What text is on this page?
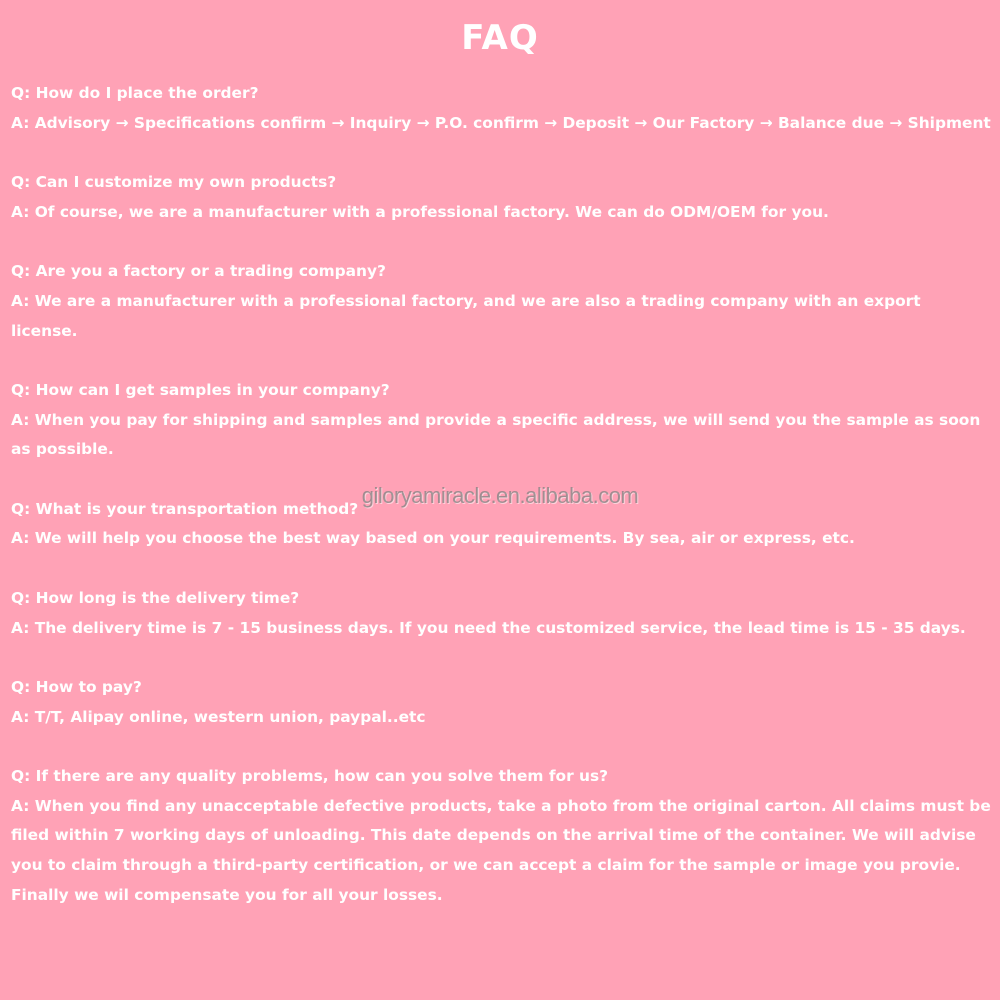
FAQ

Q: How do I place the order?

A: Advisory → Specifications confirm → Inquiry → P.O. confirm → Deposit → Our Factory → Balance due → Shipment

Q: Can I customize my own products?

A: Of course, we are a manufacturer with a professional factory. We can do ODM/OEM for you.

Q: Are you a factory or a trading company?

A: We are a manufacturer with a professional factory, and we are also a trading company with an export license.

Q: How can I get samples in your company?

A: When you pay for shipping and samples and provide a specific address, we will send you the sample as soon as possible.

Q: What is your transportation method?

A: We will help you choose the best way based on your requirements. By sea, air or express, etc.

Q: How long is the delivery time?

A: The delivery time is 7 - 15 business days. If you need the customized service, the lead time is 15 - 35 days.

Q: How to pay?

A: T/T, Alipay online, western union, paypal..etc

Q: If there are any quality problems, how can you solve them for us?

A: When you find any unacceptable defective products, take a photo from the original carton. All claims must be filed within 7 working days of unloading. This date depends on the arrival time of the container. We will advise you to claim through a third-party certification, or we can accept a claim for the sample or image you provie. Finally we wil compensate you for all your losses.

giloryamiracle.en.alibaba.com
